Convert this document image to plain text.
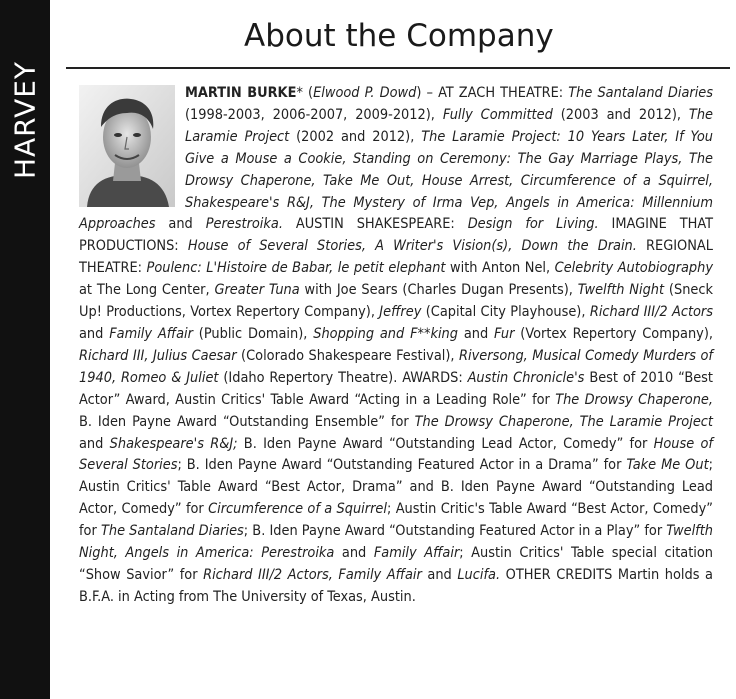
HARVEY
About the Company

MARTIN BURKE* (Elwood P. Dowd) – AT ZACH THEATRE: The Santaland Diaries (1998-2003, 2006-2007, 2009-2012), Fully Committed (2003 and 2012), The Laramie Project (2002 and 2012), The Laramie Project: 10 Years Later, If You Give a Mouse a Cookie, Standing on Ceremony: The Gay Marriage Plays, The Drowsy Chaperone, Take Me Out, House Arrest, Circumference of a Squirrel, Shakespeare's R&J, The Mystery of Irma Vep, Angels in America: Millennium Approaches and Perestroika. AUSTIN SHAKESPEARE: Design for Living. IMAGINE THAT PRODUCTIONS: House of Several Stories, A Writer's Vision(s), Down the Drain. REGIONAL THEATRE: Poulenc: L'Histoire de Babar, le petit elephant with Anton Nel, Celebrity Autobiography at The Long Center, Greater Tuna with Joe Sears (Charles Dugan Presents), Twelfth Night (Sneck Up! Productions, Vortex Repertory Company), Jeffrey (Capital City Playhouse), Richard III/2 Actors and Family Affair (Public Domain), Shopping and F**king and Fur (Vortex Repertory Company), Richard III, Julius Caesar (Colorado Shakespeare Festival), Riversong, Musical Comedy Murders of 1940, Romeo & Juliet (Idaho Repertory Theatre). AWARDS: Austin Chronicle's Best of 2010 “Best Actor” Award, Austin Critics' Table Award “Acting in a Leading Role” for The Drowsy Chaperone, B. Iden Payne Award “Outstanding Ensemble” for The Drowsy Chaperone, The Laramie Project and Shakespeare's R&J; B. Iden Payne Award “Outstanding Lead Actor, Comedy” for House of Several Stories; B. Iden Payne Award “Outstanding Featured Actor in a Drama” for Take Me Out; Austin Critics' Table Award “Best Actor, Drama” and B. Iden Payne Award “Outstanding Lead Actor, Comedy” for Circumference of a Squirrel; Austin Critic's Table Award “Best Actor, Comedy” for The Santaland Diaries; B. Iden Payne Award “Outstanding Featured Actor in a Play” for Twelfth Night, Angels in America: Perestroika and Family Affair; Austin Critics' Table special citation “Show Savior” for Richard III/2 Actors, Family Affair and Lucifa. OTHER CREDITS Martin holds a B.F.A. in Acting from The University of Texas, Austin.
